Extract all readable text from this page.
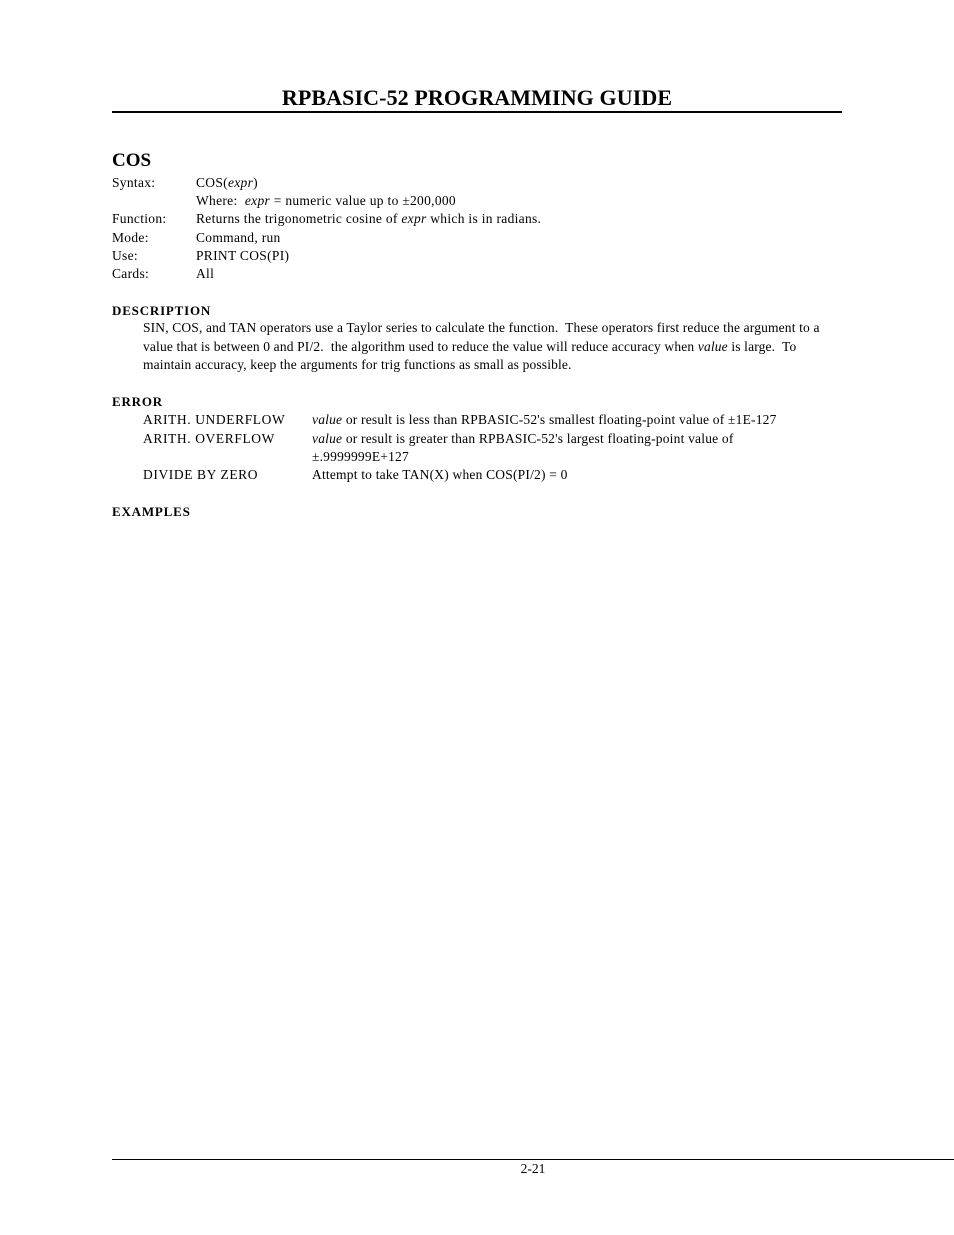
RPBASIC-52 PROGRAMMING GUIDE
COS
Syntax:	COS(expr)
Where:  expr = numeric value up to ±200,000
Function: Returns the trigonometric cosine of expr which is in radians.
Mode:	Command, run
Use:	PRINT COS(PI)
Cards:	All
DESCRIPTION
SIN, COS, and TAN operators use a Taylor series to calculate the function.  These operators first reduce the argument to a value that is between 0 and PI/2.  the algorithm used to reduce the value will reduce accuracy when value is large.  To maintain accuracy, keep the arguments for trig functions as small as possible.
ERROR
ARITH. UNDERFLOW value or result is less than RPBASIC-52's smallest floating-point value of ±1E-127
ARITH. OVERFLOW	value or result is greater than RPBASIC-52's largest floating-point value of ±.9999999E+127
DIVIDE BY ZERO	Attempt to take TAN(X) when COS(PI/2) = 0
EXAMPLES
2-21
